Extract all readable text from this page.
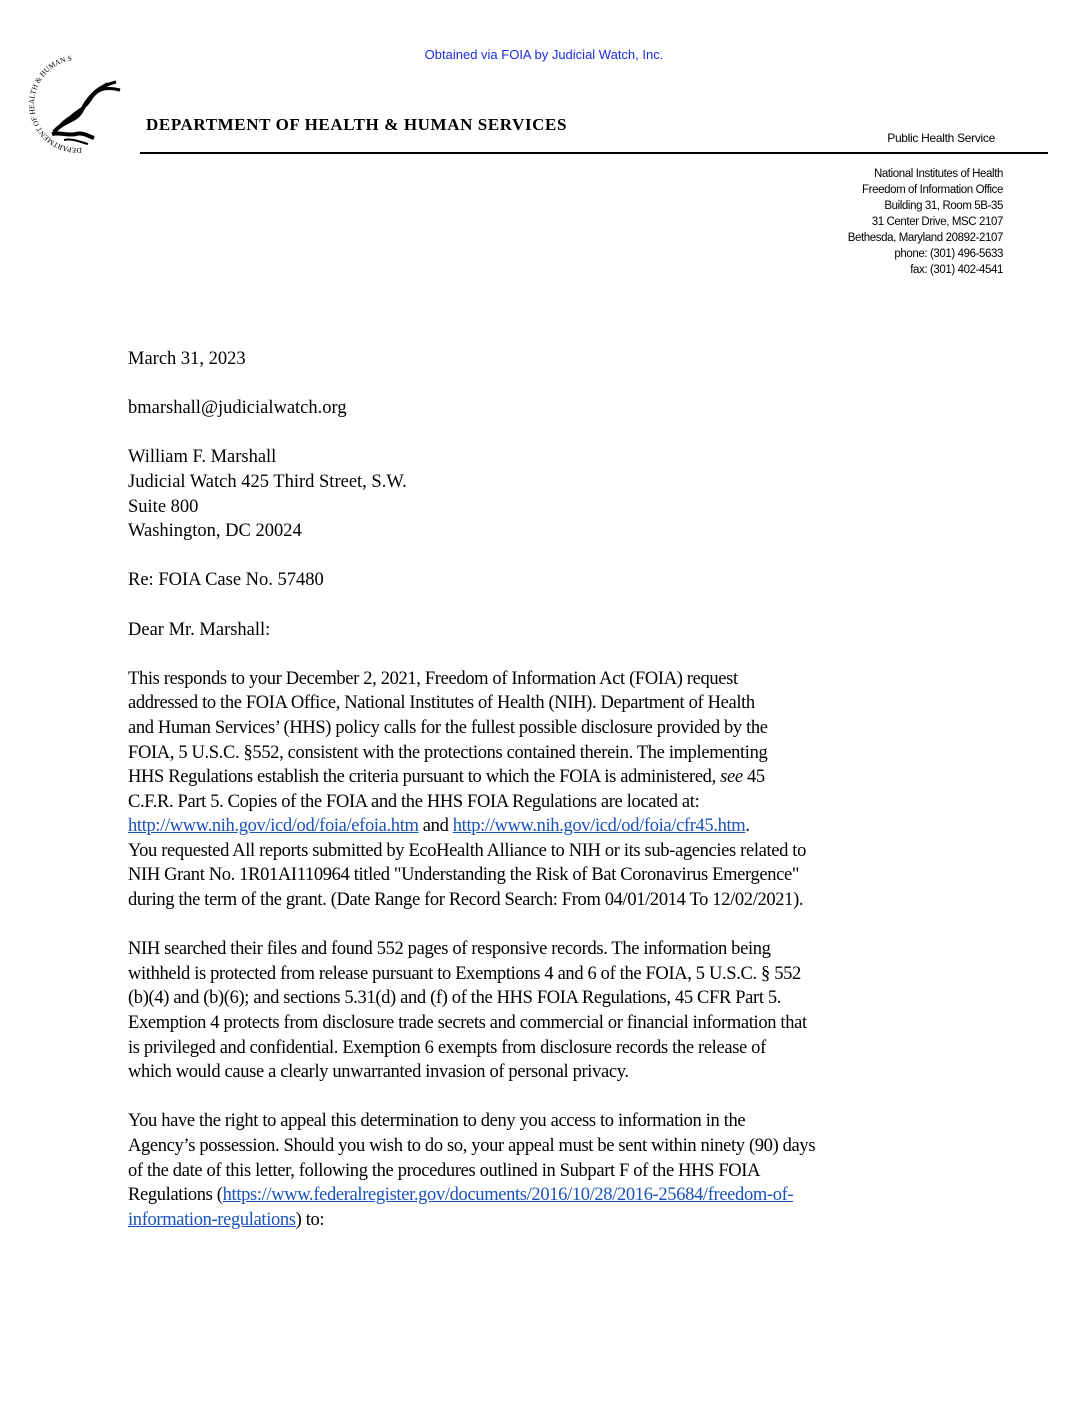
Obtained via FOIA by Judicial Watch, Inc.
DEPARTMENT OF HEALTH & HUMAN SERVICES
DEPARTMENT OF HEALTH & HUMAN SERVICES
Public Health Service
National Institutes of Health
Freedom of Information Office
Building 31, Room 5B-35
31 Center Drive, MSC 2107
Bethesda, Maryland 20892-2107
phone: (301) 496-5633
fax: (301) 402-4541
March 31, 2023
bmarshall@judicialwatch.org
William F. Marshall
Judicial Watch 425 Third Street, S.W.
Suite 800
Washington, DC 20024
Re: FOIA Case No. 57480
Dear Mr. Marshall:
This responds to your December 2, 2021, Freedom of Information Act (FOIA) request
addressed to the FOIA Office, National Institutes of Health (NIH). Department of Health
and Human Services’ (HHS) policy calls for the fullest possible disclosure provided by the
FOIA, 5 U.S.C. §552, consistent with the protections contained therein. The implementing
HHS Regulations establish the criteria pursuant to which the FOIA is administered, see 45
C.F.R. Part 5. Copies of the FOIA and the HHS FOIA Regulations are located at:
http://www.nih.gov/icd/od/foia/efoia.htm and http://www.nih.gov/icd/od/foia/cfr45.htm.
You requested All reports submitted by EcoHealth Alliance to NIH or its sub-agencies related to
NIH Grant No. 1R01AI110964 titled "Understanding the Risk of Bat Coronavirus Emergence"
during the term of the grant. (Date Range for Record Search: From 04/01/2014 To 12/02/2021).
NIH searched their files and found 552 pages of responsive records. The information being
withheld is protected from release pursuant to Exemptions 4 and 6 of the FOIA, 5 U.S.C. § 552
(b)(4) and (b)(6); and sections 5.31(d) and (f) of the HHS FOIA Regulations, 45 CFR Part 5.
Exemption 4 protects from disclosure trade secrets and commercial or financial information that
is privileged and confidential. Exemption 6 exempts from disclosure records the release of
which would cause a clearly unwarranted invasion of personal privacy.
You have the right to appeal this determination to deny you access to information in the
Agency’s possession. Should you wish to do so, your appeal must be sent within ninety (90) days
of the date of this letter, following the procedures outlined in Subpart F of the HHS FOIA
Regulations (https://www.federalregister.gov/documents/2016/10/28/2016-25684/freedom-of-
information-regulations) to:
